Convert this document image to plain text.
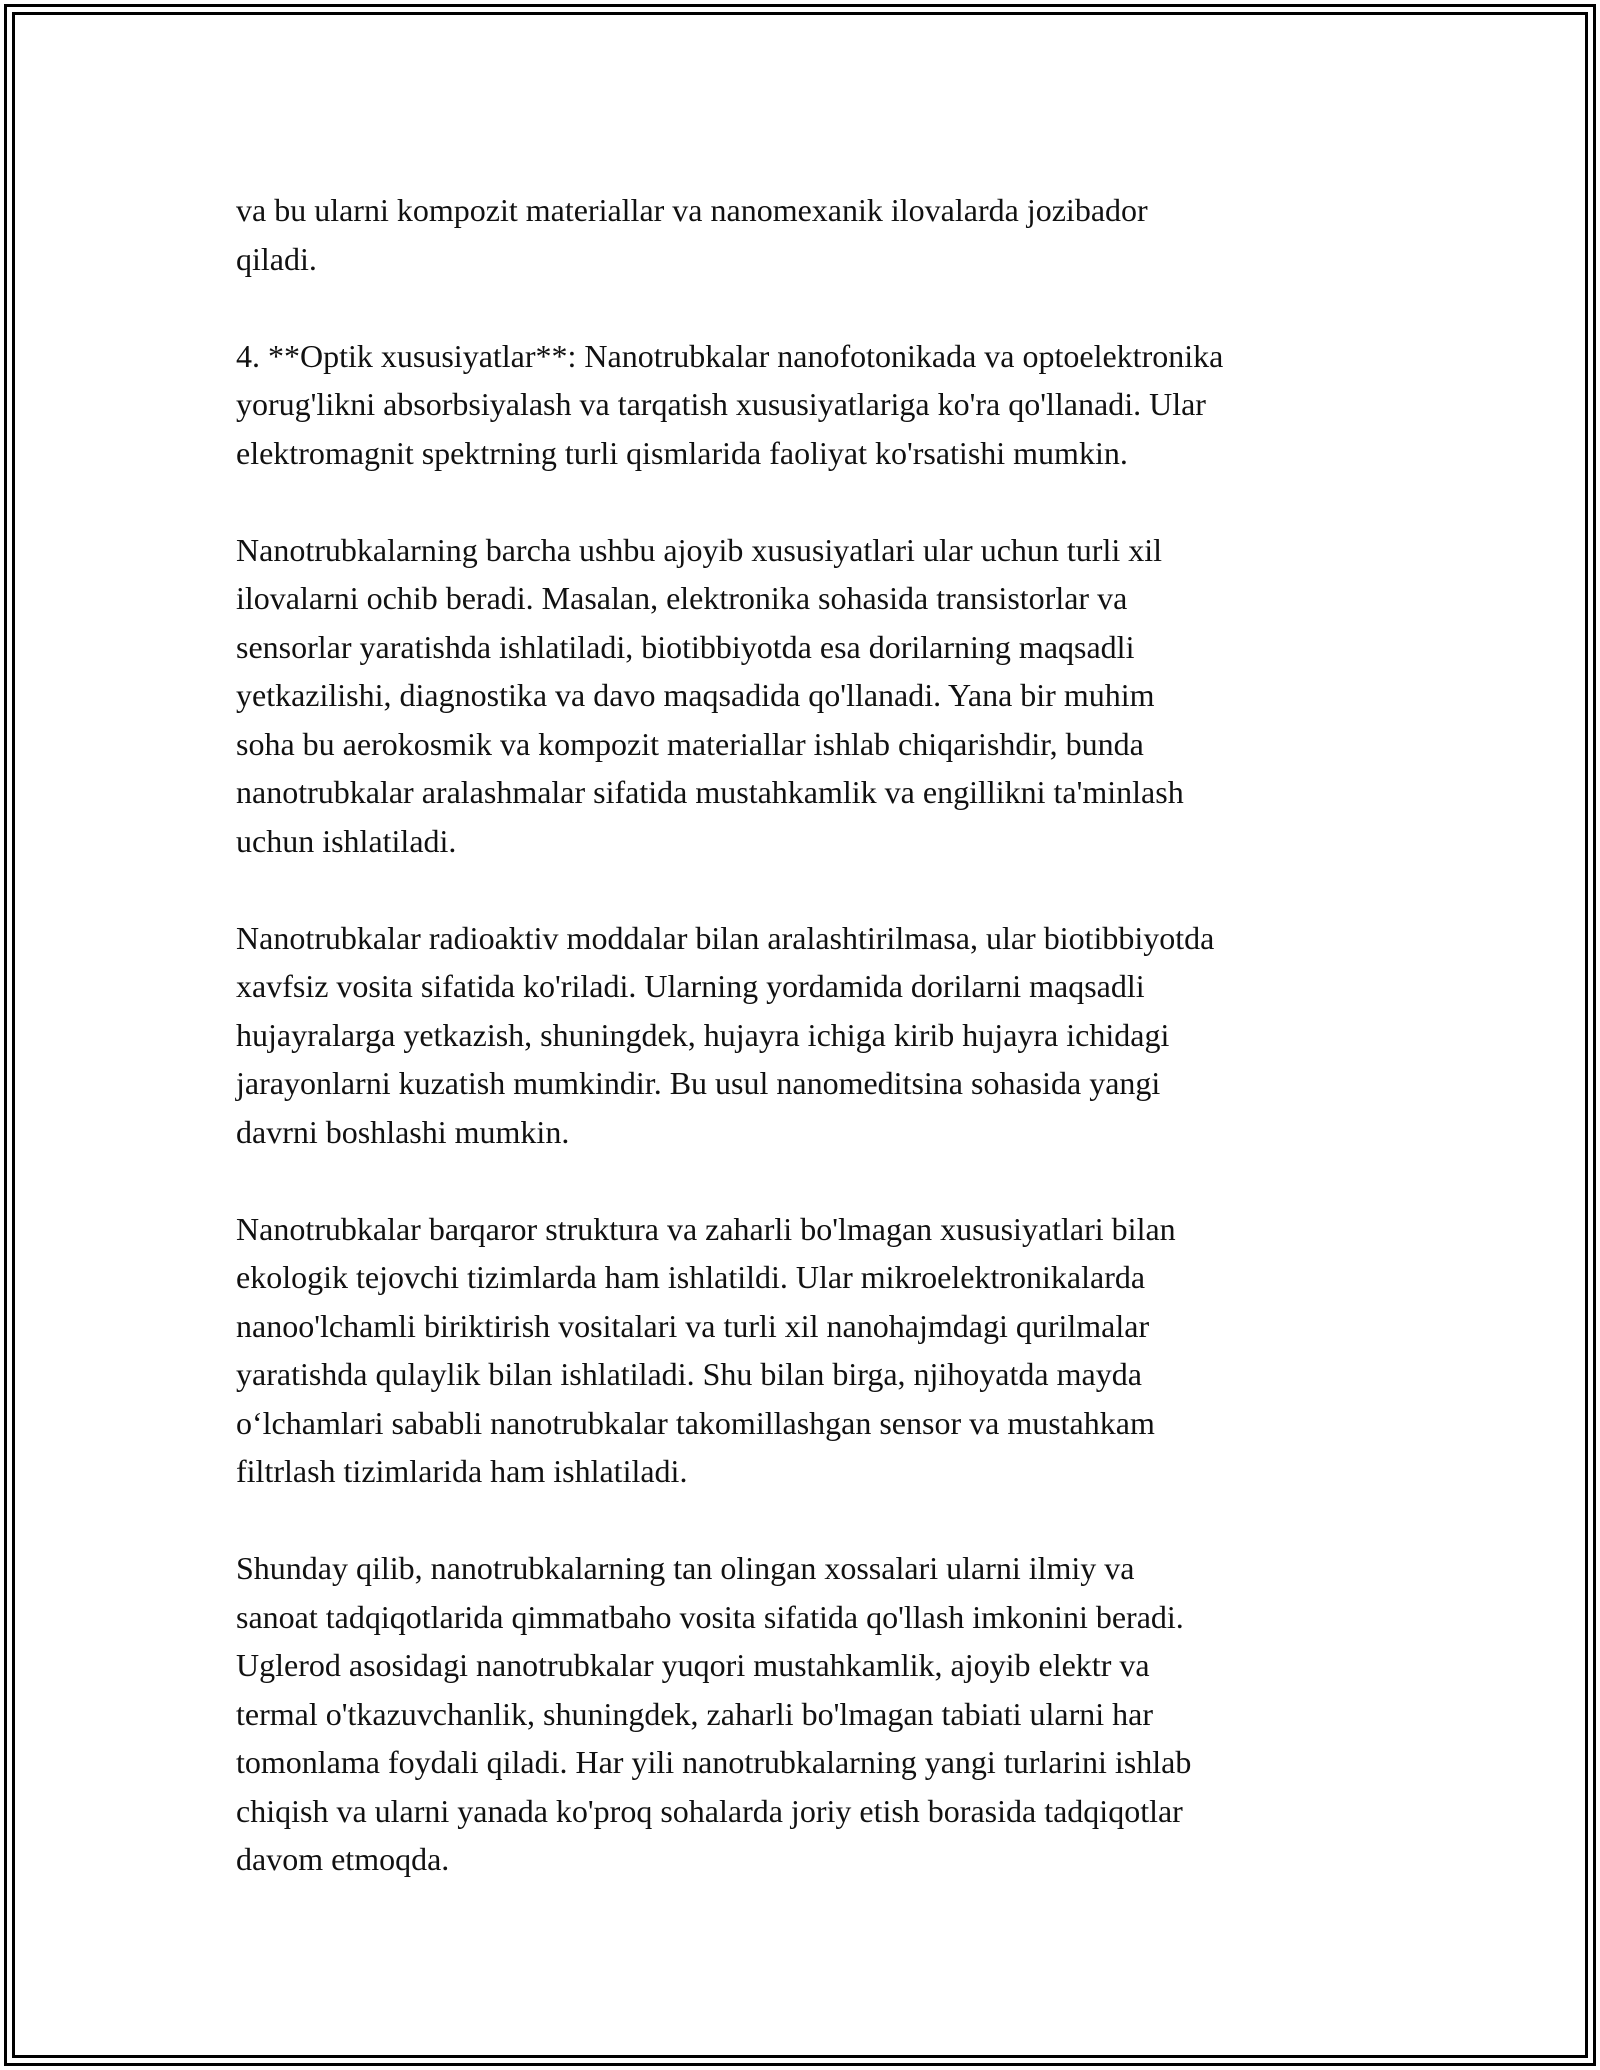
va bu ularni kompozit materiallar va nanomexanik ilovalarda jozibador
qiladi.

4. **Optik xususiyatlar**: Nanotrubkalar nanofotonikada va optoelektronika
yorug'likni absorbsiyalash va tarqatish xususiyatlariga ko'ra qo'llanadi. Ular
elektromagnit spektrning turli qismlarida faoliyat ko'rsatishi mumkin.

Nanotrubkalarning barcha ushbu ajoyib xususiyatlari ular uchun turli xil
ilovalarni ochib beradi. Masalan, elektronika sohasida transistorlar va
sensorlar yaratishda ishlatiladi, biotibbiyotda esa dorilarning maqsadli
yetkazilishi, diagnostika va davo maqsadida qo'llanadi. Yana bir muhim
soha bu aerokosmik va kompozit materiallar ishlab chiqarishdir, bunda
nanotrubkalar aralashmalar sifatida mustahkamlik va engillikni ta'minlash
uchun ishlatiladi.

Nanotrubkalar radioaktiv moddalar bilan aralashtirilmasa, ular biotibbiyotda
xavfsiz vosita sifatida ko'riladi. Ularning yordamida dorilarni maqsadli
hujayralarga yetkazish, shuningdek, hujayra ichiga kirib hujayra ichidagi
jarayonlarni kuzatish mumkindir. Bu usul nanomeditsina sohasida yangi
davrni boshlashi mumkin.

Nanotrubkalar barqaror struktura va zaharli bo'lmagan xususiyatlari bilan
ekologik tejovchi tizimlarda ham ishlatildi. Ular mikroelektronikalarda
nanoo'lchamli biriktirish vositalari va turli xil nanohajmdagi qurilmalar
yaratishda qulaylik bilan ishlatiladi. Shu bilan birga, njihoyatda mayda
o‘lchamlari sababli nanotrubkalar takomillashgan sensor va mustahkam
filtrlash tizimlarida ham ishlatiladi.

Shunday qilib, nanotrubkalarning tan olingan xossalari ularni ilmiy va
sanoat tadqiqotlarida qimmatbaho vosita sifatida qo'llash imkonini beradi.
Uglerod asosidagi nanotrubkalar yuqori mustahkamlik, ajoyib elektr va
termal o'tkazuvchanlik, shuningdek, zaharli bo'lmagan tabiati ularni har
tomonlama foydali qiladi. Har yili nanotrubkalarning yangi turlarini ishlab
chiqish va ularni yanada ko'proq sohalarda joriy etish borasida tadqiqotlar
davom etmoqda.
